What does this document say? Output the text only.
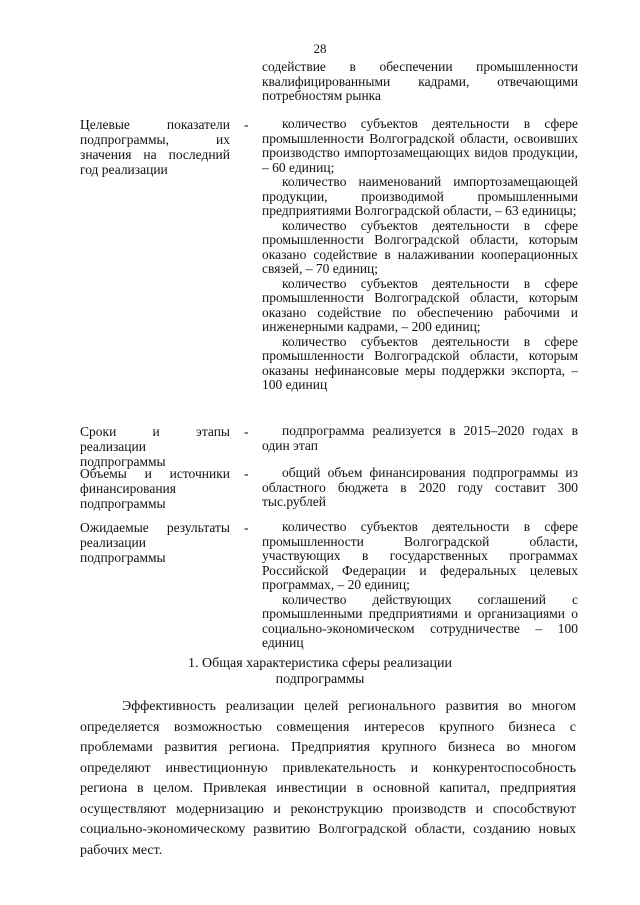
28

содействие в обеспечении промышленности квалифицированными кадрами, отвечающими потребностям рынка

Целевые показатели подпрограммы, их значения на последний год реализации
-	количество субъектов деятельности в сфере промышленности Волгоградской области, освоивших производство импортозамещающих видов продукции, – 60 единиц;

количество наименований импортозамещающей продукции, производимой промышленными предприятиями Волгоградской области, – 63 единицы;

количество субъектов деятельности в сфере промышленности Волгоградской области, которым оказано содействие в налаживании кооперационных связей, – 70 единиц;

количество субъектов деятельности в сфере промышленности Волгоградской области, которым оказано содействие по обеспечению рабочими и инженерными кадрами, – 200 единиц;

количество субъектов деятельности в сфере промышленности Волгоградской области, которым оказаны нефинансовые меры поддержки экспорта, – 100 единиц

Сроки и этапы реализации подпрограммы
-	подпрограмма реализуется в 2015–2020 годах в один этап

Объемы и источники финансирования подпрограммы
-	общий объем финансирования подпрограммы из областного бюджета в 2020 году составит 300 тыс.рублей

Ожидаемые результаты реализации подпрограммы
-	количество субъектов деятельности в сфере промышленности Волгоградской области, участвующих в государственных программах Российской Федерации и федеральных целевых программах, – 20 единиц;

количество действующих соглашений с промышленными предприятиями и организациями о социально-экономическом сотрудничестве – 100 единиц

1. Общая характеристика сферы реализации
подпрограммы

Эффективность реализации целей регионального развития во многом определяется возможностью совмещения интересов крупного бизнеса с проблемами развития региона. Предприятия крупного бизнеса во многом определяют инвестиционную привлекательность и конкурентоспособность региона в целом. Привлекая инвестиции в основной капитал, предприятия осуществляют модернизацию и реконструкцию производств и способствуют социально-экономическому развитию Волгоградской области, созданию новых рабочих мест.
